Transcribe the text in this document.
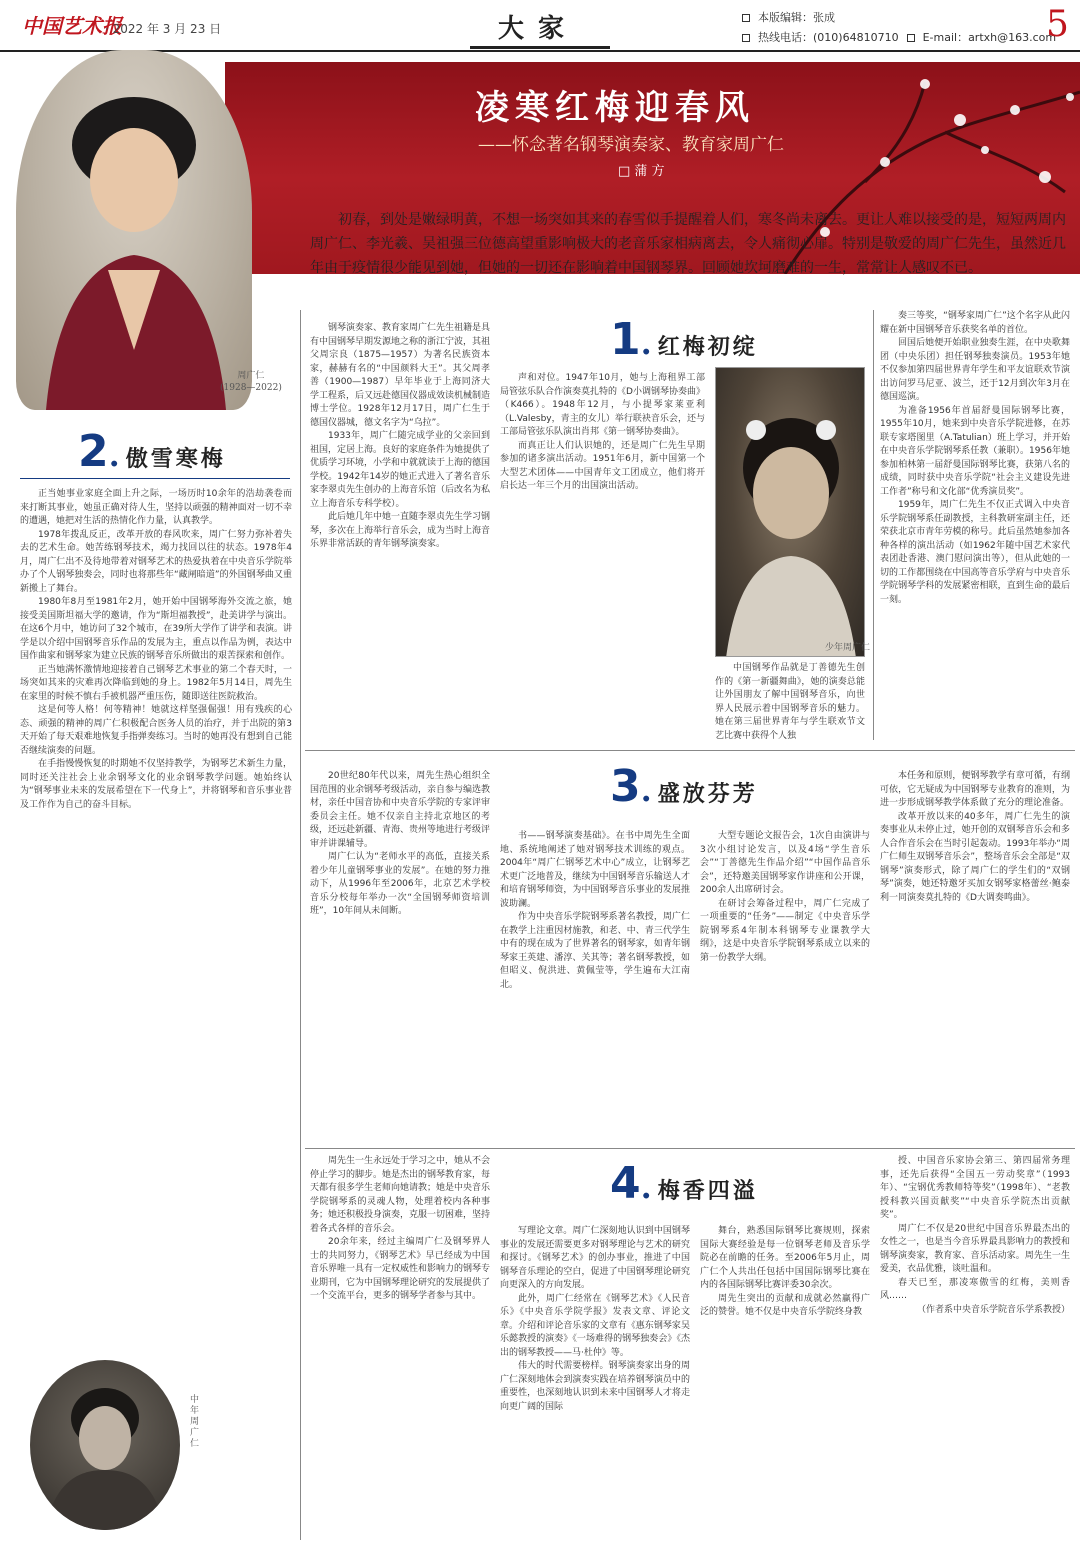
中国艺术报
· 2022 年 3 月 23 日	大家	本版编辑：张成
热线电话：(010)64810710 E-mail：artxh@163.com
5
凌寒红梅迎春风
——怀念著名钢琴演奏家、教育家周广仁
□ 蒲 方
周广仁
(1928—2022)
初春，到处是嫩绿明黄，不想一场突如其来的春雪似手提醒着人们，寒冬尚未离去。更让人难以接受的是，短短两周内周广仁、李光羲、吴祖强三位德高望重影响极大的老音乐家相病离去，令人痛彻心扉。特别是敬爱的周广仁先生，虽然近几年由于疫情很少能见到她，但她的一切还在影响着中国钢琴界。回顾她坎坷磨难的一生，常常让人感叹不已。
2 . 傲雪寒梅

正当她事业家庭全面上升之际，一场历时10余年的浩劫袭卷而来打断其事业，她虽正确对待人生，坚持以顽强的精神面对一切不幸的遭遇，她把对生活的热情化作力量，认真教学。

1978年拨乱反正，改革开放的春风吹来，周广仁努力弥补着失去的艺术生命。她苦练钢琴技术，竭力找回以往的状态。1978年4月，周广仁出不及待地带着对钢琴艺术的热爱执着在中央音乐学院举办了个人钢琴独奏会，同时也将那些年“藏闸暗道”的外国钢琴曲又重新搬上了舞台。

1980年8月至1981年2月，她开始中国钢琴海外交流之旅，她接受美国斯坦福大学的邀请，作为“斯坦福教授”，赴美讲学与演出。在这6个月中，她访问了32个城市，在39所大学作了讲学和表演。讲学是以介绍中国钢琴音乐作品的发展为主，重点以作品为例，表达中国作曲家和钢琴家为建立民族的钢琴音乐所做出的艰苦探索和创作。

正当她满怀激情地迎接着自己钢琴艺术事业的第二个春天时，一场突如其来的灾难再次降临到她的身上。1982年5月14日，周先生在家里的时候不慎右手被机器严重压伤，随即送往医院救治。

这是何等人格！何等精神！她就这样坚强倔强！用有残疾的心态、顽强的精神的周广仁积极配合医务人员的治疗，并于出院的第3天开始了每天艰难地恢复手指弹奏练习。当时的她再没有想到自己能否继续演奏的问题。

在手指慢慢恢复的时期她不仅坚持教学，为钢琴艺术新生力量，同时还关注社会上业余钢琴文化的业余钢琴教学问题。她始终认为“钢琴事业未来的发展希望在下一代身上”，并将钢琴和音乐事业普及工作作为自己的奋斗目标。

中年周广仁
1 . 红梅初绽

钢琴演奏家、教育家周广仁先生祖籍是具有中国钢琴早期发源地之称的浙江宁波，其祖父周宗良（1875—1957）为著名民族资本家，赫赫有名的“中国颜料大王”。其父周孝善（1900—1987）早年毕业于上海同济大学工程系，后又远赴德国仪器成效读机械制造博士学位。1928年12月17日，周广仁生于德国仪器城，德文名字为“乌拉”。

1933年，周广仁随完成学业的父亲回到祖国，定居上海。良好的家庭条件为她提供了优质学习环境，小学和中就就读于上海的德国学校。1942年14岁的她正式进入了著名音乐家李翠贞先生创办的上海音乐馆（后改名为私立上海音乐专科学校）。

此后她几年中她一直随李翠贞先生学习钢琴，多次在上海举行音乐会，成为当时上海音乐界非常活跃的青年钢琴演奏家。

声和对位。1947年10月，她与上海租界工部局管弦乐队合作演奏莫扎特的《D小调钢琴协奏曲》（K466）。1948年12月，与小提琴家莱亚利（L.Valesby，青主的女儿）举行联袂音乐会，还与工部局管弦乐队演出肖邦《第一钢琴协奏曲》。

而真正让人们认识她的，还是周广仁先生早期参加的诸多演出活动。1951年6月，新中国第一个大型艺术团体——中国青年文工团成立，他们将开启长达一年三个月的出国演出活动。

少年周广仁

中国钢琴作品就是丁善德先生创作的《第一新疆舞曲》，她的演奏总能让外国朋友了解中国钢琴音乐，向世界人民展示着中国钢琴音乐的魅力。她在第三届世界青年与学生联欢节文艺比赛中获得个人独

奏三等奖，“钢琴家周广仁”这个名字从此闪耀在新中国钢琴音乐获奖名单的首位。

回国后她便开始职业独奏生涯，在中央歌舞团（中央乐团）担任钢琴独奏演员。1953年她不仅参加第四届世界青年学生和平友谊联欢节演出访问罗马尼亚、波兰，还于12月到次年3月在德国巡演。

为准备1956年首届舒曼国际钢琴比赛，1955年10月，她来到中央音乐学院进修，在苏联专家塔图里（A.Tatulian）班上学习，并开始在中央音乐学院钢琴系任教（兼职）。1956年她参加柏林第一届舒曼国际钢琴比赛，获第八名的成绩，同时获中央音乐学院“社会主义建设先进工作者”称号和文化部“优秀演员奖”。

1959年，周广仁先生不仅正式调入中央音乐学院钢琴系任副教授，主科教研室副主任，还荣获北京市青年劳模的称号。此后虽然她参加各种各样的演出活动（如1962年随中国艺术家代表团赴香港、澳门慰问演出等），但从此她的一切的工作都围绕在中国高等音乐学府与中央音乐学院钢琴学科的发展紧密相联，直到生命的最后一刻。

3 . 盛放芬芳

20世纪80年代以来，周先生热心组织全国范围的业余钢琴考级活动，亲自参与编选教材，亲任中国音协和中央音乐学院的专家评审委员会主任。她不仅亲自主持北京地区的考级，还远赴新疆、青海、贵州等地进行考级评审并讲课辅导。

周广仁认为“老师水平的高低，直接关系着少年儿童钢琴事业的发展”。在她的努力推动下，从1996年至2006年，北京艺术学校音乐分校每年举办一次“全国钢琴师资培训班”，10年间从未间断。

书——钢琴演奏基础》。在书中周先生全面地、系统地阐述了她对钢琴技术训练的观点。2004年“周广仁钢琴艺术中心”成立，让钢琴艺术更广泛地普及，继续为中国钢琴音乐输送人才和培育钢琴师资，为中国钢琴音乐事业的发展推波助澜。

作为中央音乐学院钢琴系著名教授，周广仁在教学上注重因材施教，和老、中、青三代学生中有的现在成为了世界著名的钢琴家，如青年钢琴家王英建、潘淳、关其等；著名钢琴教授，如但昭义、倪洪进、黄佩莹等，学生遍布大江南北。

大型专题论文报告会，1次自由演讲与3次小组讨论发言，以及4场“学生音乐会”“丁善德先生作品介绍”“中国作品音乐会”，还特邀美国钢琴家作讲座和公开课，200余人出席研讨会。

在研讨会筹备过程中，周广仁完成了一项重要的“任务”——制定《中央音乐学院钢琴系4年制本科钢琴专业课教学大纲》，这是中央音乐学院钢琴系成立以来的第一份教学大纲。

本任务和原则，便钢琴教学有章可循，有纲可依，它无疑成为中国钢琴专业教育的准则，为进一步形成钢琴教学体系做了充分的理论准备。

改革开放以来的40多年，周广仁先生的演奏事业从未停止过，她开创的双钢琴音乐会和多人合作音乐会在当时引起轰动。1993年举办“周广仁师生双钢琴音乐会”，整场音乐会全部是“双钢琴”演奏形式，除了周广仁的学生们的“双钢琴”演奏，她还特邀牙买加女钢琴家格蕾丝·鲍泰利一同演奏莫扎特的《D大调奏鸣曲》。

4 . 梅香四溢

周先生一生永远处于学习之中，她从不会停止学习的脚步。她是杰出的钢琴教育家，每天都有很多学生老师向她请教；她是中央音乐学院钢琴系的灵魂人物，处理着校内各种事务；她还积极投身演奏，克服一切困难，坚持着各式各样的音乐会。

20余年来，经过主编周广仁及钢琴界人士的共同努力，《钢琴艺术》早已经成为中国音乐界唯一具有一定权威性和影响力的钢琴专业期刊，它为中国钢琴理论研究的发展提供了一个交流平台，更多的钢琴学者参与其中。

写理论文章。周广仁深刻地认识到中国钢琴事业的发展还需要更多对钢琴理论与艺术的研究和探讨。《钢琴艺术》的创办事业，推进了中国钢琴音乐理论的空白，促进了中国钢琴理论研究向更深入的方向发展。

此外，周广仁经常在《钢琴艺术》《人民音乐》《中央音乐学院学报》发表文章、评论文章。介绍和评论音乐家的文章有《惠东钢琴家吴乐懿教授的演奏》《一场难得的钢琴独奏会》《杰出的钢琴教授——马·杜仲》等。

伟大的时代需要榜样。钢琴演奏家出身的周广仁深刻地体会到演奏实践在培养钢琴演员中的重要性，也深刻地认识到未来中国钢琴人才将走向更广阔的国际

舞台，熟悉国际钢琴比赛规则，探索国际大赛经验是每一位钢琴老师及音乐学院必在前瞻的任务。至2006年5月止，周广仁个人共出任包括中国国际钢琴比赛在内的各国际钢琴比赛评委30余次。

周先生突出的贡献和成就必然赢得广泛的赞誉。她不仅是中央音乐学院终身教

授、中国音乐家协会第三、第四届常务理事，还先后获得“全国五一劳动奖章”（1993年）、“宝钢优秀教师特等奖”（1998年）、“老教授科教兴国贡献奖”“中央音乐学院杰出贡献奖”。

周广仁不仅是20世纪中国音乐界最杰出的女性之一，也是当今音乐界最具影响力的教授和钢琴演奏家，教育家、音乐活动家。周先生一生爱美，衣品优雅，谈吐温和。

春天已至，那凌寒傲雪的红梅，美则香风……

（作者系中央音乐学院音乐学系教授）
